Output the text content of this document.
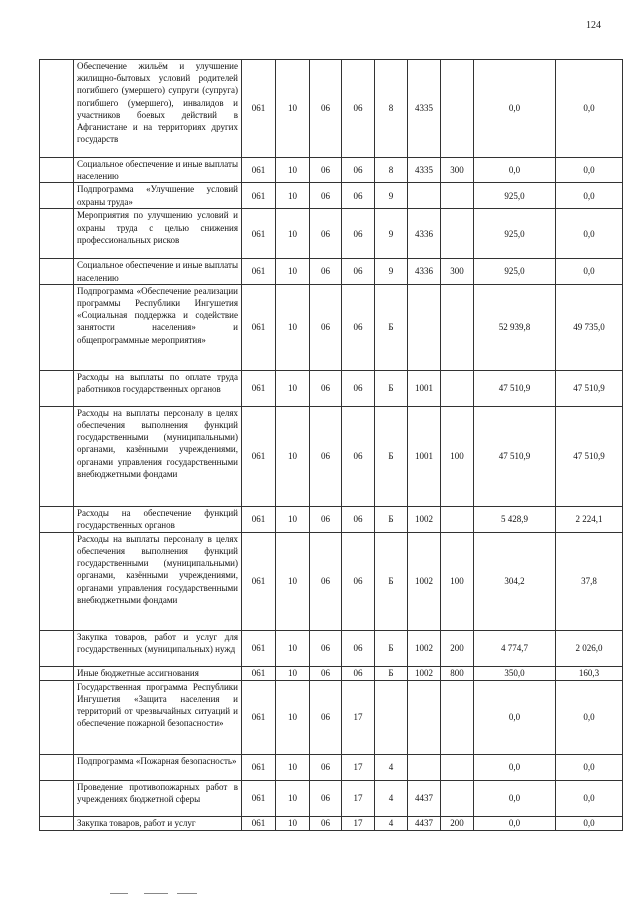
124
	Обеспечение жильём и улучшение жилищно-бытовых условий родителей погибшего (умершего) супруги (супруга) погибшего (умершего), инвалидов и участников боевых действий в Афганистане и на территориях других государств	061	10	06	06	8	4335		0,0	0,0
	Социальное обеспечение и иные выплаты населению	061	10	06	06	8	4335	300	0,0	0,0
	Подпрограмма «Улучшение условий охраны труда»	061	10	06	06	9			925,0	0,0
	Мероприятия по улучшению условий и охраны труда с целью снижения профессиональных рисков	061	10	06	06	9	4336		925,0	0,0
	Социальное обеспечение и иные выплаты населению	061	10	06	06	9	4336	300	925,0	0,0
	Подпрограмма «Обеспечение реализации программы Республики Ингушетия «Социальная поддержка и содействие занятости населения» и общепрограммные мероприятия»	061	10	06	06	Б			52 939,8	49 735,0
	Расходы на выплаты по оплате труда работников государственных органов	061	10	06	06	Б	1001		47 510,9	47 510,9
	Расходы на выплаты персоналу в целях обеспечения выполнения функций государственными (муниципальными) органами, казёнными учреждениями, органами управления государственными внебюджетными фондами	061	10	06	06	Б	1001	100	47 510,9	47 510,9
	Расходы на обеспечение функций государственных органов	061	10	06	06	Б	1002		5 428,9	2 224,1
	Расходы на выплаты персоналу в целях обеспечения выполнения функций государственными (муниципальными) органами, казёнными учреждениями, органами управления государственными внебюджетными фондами	061	10	06	06	Б	1002	100	304,2	37,8
	Закупка товаров, работ и услуг для государственных (муниципальных) нужд	061	10	06	06	Б	1002	200	4 774,7	2 026,0
	Иные бюджетные ассигнования	061	10	06	06	Б	1002	800	350,0	160,3
	Государственная программа Республики Ингушетия «Защита населения и территорий от чрезвычайных ситуаций и обеспечение пожарной безопасности»	061	10	06	17				0,0	0,0
	Подпрограмма «Пожарная безопасность»	061	10	06	17	4			0,0	0,0
	Проведение противопожарных работ в учреждениях бюджетной сферы	061	10	06	17	4	4437		0,0	0,0
	Закупка товаров, работ и услуг	061	10	06	17	4	4437	200	0,0	0,0
